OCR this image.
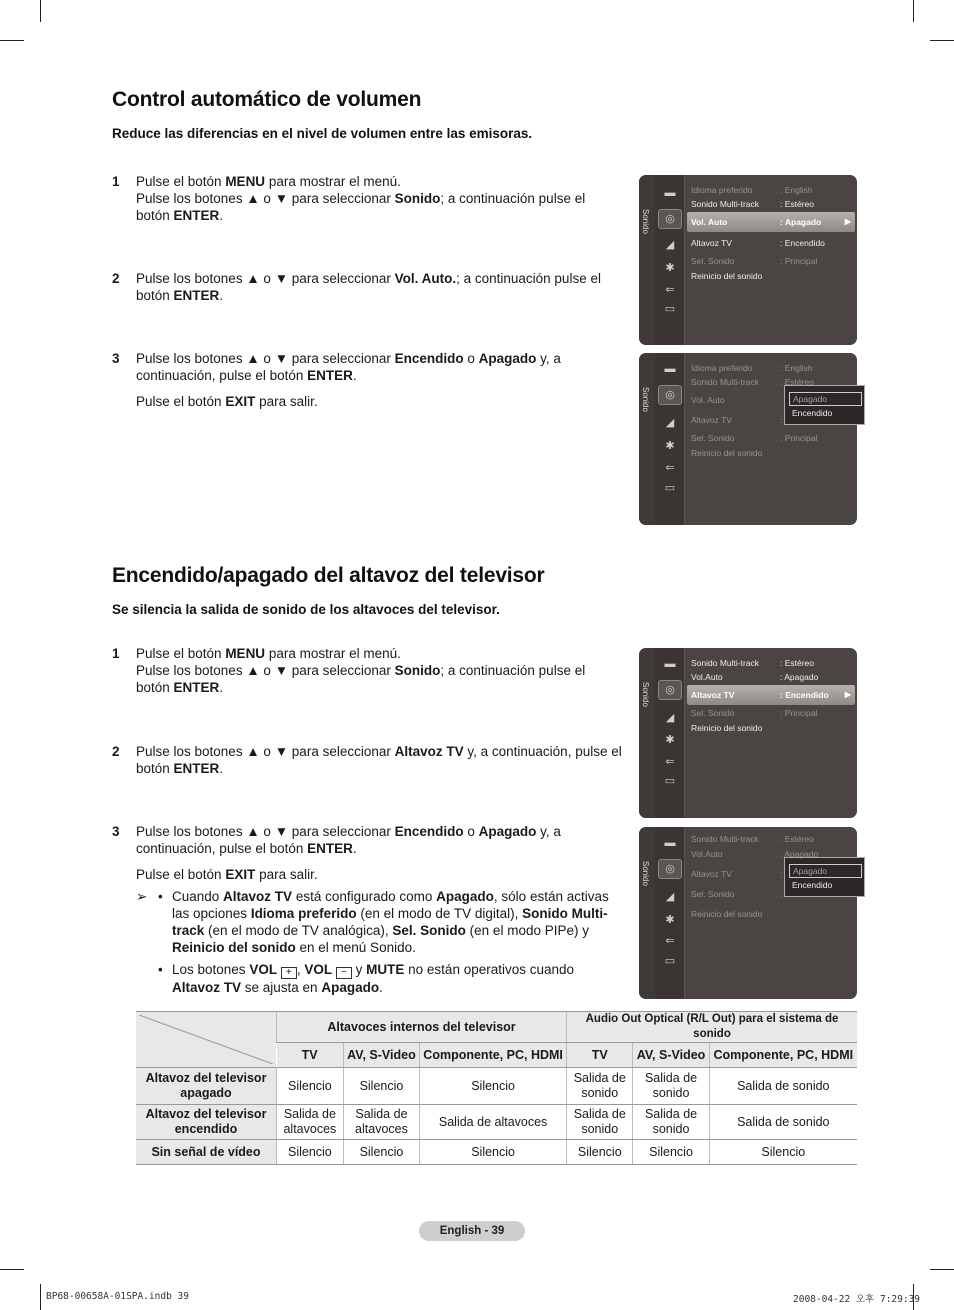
Control automático de volumen
Reduce las diferencias en el nivel de volumen entre las emisoras.
1 Pulse el botón MENU para mostrar el menú.
Pulse los botones ▲ o ▼ para seleccionar Sonido; a continuación pulse el botón ENTER.
2 Pulse los botones ▲ o ▼ para seleccionar Vol. Auto.; a continuación pulse el botón ENTER.
3 Pulse los botones ▲ o ▼ para seleccionar Encendido o Apagado y, a continuación, pulse el botón ENTER.
Pulse el botón EXIT para salir.
Sonido
▬
◎
◢
✱
⇐
▭
Idioma preferido	: English
Sonido Multi-track : Estéreo
Vol. Auto	: Apagado	▶
Altavoz TV	: Encendido
Sel. Sonido	: Principal
Reinicio del sonido
Sonido
▬
◎
◢
✱
⇐
▭
Apagado
Encendido
Idioma preferido	: English
Sonido Multi-track : Estéreo
Vol. Auto
Altavoz TV	:
Sel. Sonido	: Principal
Reinicio del sonido
Encendido/apagado del altavoz del televisor
Se silencia la salida de sonido de los altavoces del televisor.
1 Pulse el botón MENU para mostrar el menú.
Pulse los botones ▲ o ▼ para seleccionar Sonido; a continuación pulse el botón ENTER.
2 Pulse los botones ▲ o ▼ para seleccionar Altavoz TV y, a continuación, pulse el botón ENTER.
3 Pulse los botones ▲ o ▼ para seleccionar Encendido o Apagado y, a continuación, pulse el botón ENTER.
Pulse el botón EXIT para salir.
➢ • Cuando Altavoz TV está configurado como Apagado, sólo están activas las opciones Idioma preferido (en el modo de TV digital), Sonido Multi-track (en el modo de TV analógica), Sel. Sonido (en el modo PIPe) y Reinicio del sonido en el menú Sonido.
• Los botones VOL + , VOL − y MUTE no están operativos cuando Altavoz TV se ajusta en Apagado.
Sonido
▬
◎
◢
✱
⇐
▭
Sonido Multi-track : Estéreo
Vol.Auto	: Apagado
Altavoz TV	: Encendido ▶
Sel. Sonido	: Principal
Reinicio del sonido
Sonido
▬
◎
◢
✱
⇐
▭
Apagado
Encendido
Sonido Multi-track : Estéreo
Vol.Auto	: Apagado
Altavoz TV	:
Sel. Sonido	:
Reinicio del sonido
	Altavoces internos del televisor			Audio Out Optical (R/L Out) para el sistema de sonido		
	TV	AV, S-Video	Componente, PC, HDMI	TV	AV, S-Video	Componente, PC, HDMI
Altavoz del televisor apagado	Silencio	Silencio	Silencio	Salida de sonido	Salida de sonido	Salida de sonido
Altavoz del televisor encendido	Salida de altavoces	Salida de altavoces	Salida de altavoces	Salida de sonido	Salida de sonido	Salida de sonido
Sin señal de vídeo	Silencio	Silencio	Silencio	Silencio	Silencio	Silencio
English - 39
BP68-00658A-01SPA.indb 39	2008-04-22 오후 7:29:39
